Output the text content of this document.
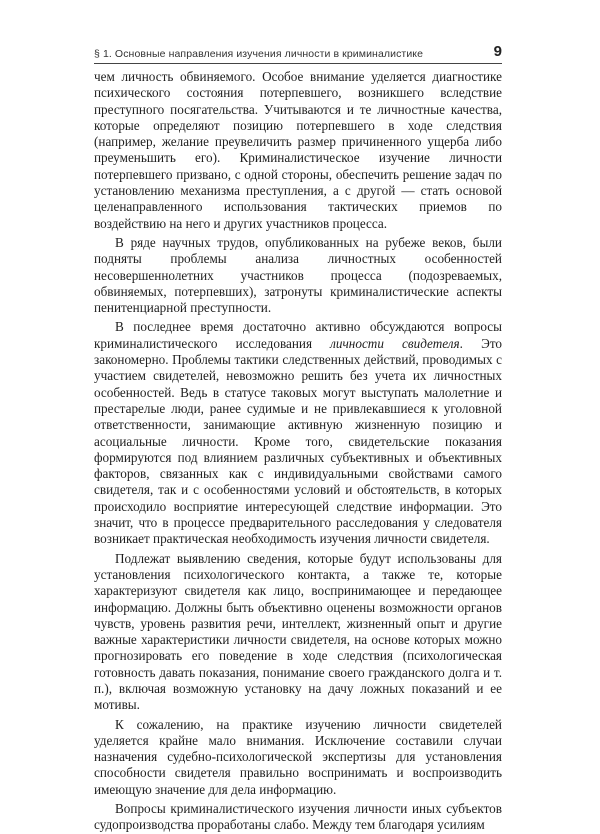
§ 1. Основные направления изучения личности в криминалистике	9

чем личность обвиняемого. Особое внимание уделяется диагностике психического состояния потерпевшего, возникшего вследствие преступного посягательства. Учитываются и те личностные качества, которые определяют позицию потерпевшего в ходе следствия (например, желание преувеличить размер причиненного ущерба либо преуменьшить его). Криминалистическое изучение личности потерпевшего призвано, с одной стороны, обеспечить решение задач по установлению механизма преступления, а с другой — стать основой целенаправленного использования тактических приемов по воздействию на него и других участников процесса.

В ряде научных трудов, опубликованных на рубеже веков, были подняты проблемы анализа личностных особенностей несовершеннолетних участников процесса (подозреваемых, обвиняемых, потерпевших), затронуты криминалистические аспекты пенитенциарной преступности.

В последнее время достаточно активно обсуждаются вопросы криминалистического исследования личности свидетеля. Это закономерно. Проблемы тактики следственных действий, проводимых с участием свидетелей, невозможно решить без учета их личностных особенностей. Ведь в статусе таковых могут выступать малолетние и престарелые люди, ранее судимые и не привлекавшиеся к уголовной ответственности, занимающие активную жизненную позицию и асоциальные личности. Кроме того, свидетельские показания формируются под влиянием различных субъективных и объективных факторов, связанных как с индивидуальными свойствами самого свидетеля, так и с особенностями условий и обстоятельств, в которых происходило восприятие интересующей следствие информации. Это значит, что в процессе предварительного расследования у следователя возникает практическая необходимость изучения личности свидетеля.

Подлежат выявлению сведения, которые будут использованы для установления психологического контакта, а также те, которые характеризуют свидетеля как лицо, воспринимающее и передающее информацию. Должны быть объективно оценены возможности органов чувств, уровень развития речи, интеллект, жизненный опыт и другие важные характеристики личности свидетеля, на основе которых можно прогнозировать его поведение в ходе следствия (психологическая готовность давать показания, понимание своего гражданского долга и т. п.), включая возможную установку на дачу ложных показаний и ее мотивы.

К сожалению, на практике изучению личности свидетелей уделяется крайне мало внимания. Исключение составили случаи назначения судебно-психологической экспертизы для установления способности свидетеля правильно воспринимать и воспроизводить имеющую значение для дела информацию.

Вопросы криминалистического изучения личности иных субъектов судопроизводства проработаны слабо. Между тем благодаря усилиям
